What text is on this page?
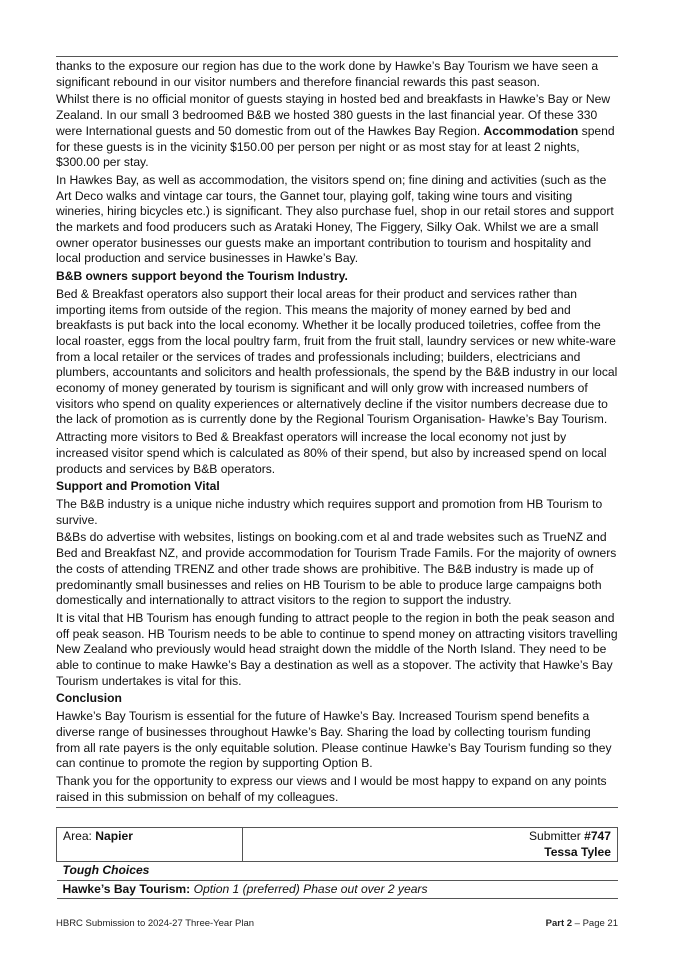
thanks to the exposure our region has due to the work done by Hawke’s Bay Tourism we have seen a significant rebound in our visitor numbers and therefore financial rewards this past season.

Whilst there is no official monitor of guests staying in hosted bed and breakfasts in Hawke’s Bay or New Zealand. In our small 3 bedroomed B&B we hosted 380 guests in the last financial year. Of these 330 were International guests and 50 domestic from out of the Hawkes Bay Region. Accommodation spend for these guests is in the vicinity $150.00 per person per night or as most stay for at least 2 nights, $300.00 per stay.

In Hawkes Bay, as well as accommodation, the visitors spend on; fine dining and activities (such as the Art Deco walks and vintage car tours, the Gannet tour, playing golf, taking wine tours and visiting wineries, hiring bicycles etc.) is significant. They also purchase fuel, shop in our retail stores and support the markets and food producers such as Arataki Honey, The Figgery, Silky Oak. Whilst we are a small owner operator businesses our guests make an important contribution to tourism and hospitality and local production and service businesses in Hawke’s Bay.

B&B owners support beyond the Tourism Industry.

Bed & Breakfast operators also support their local areas for their product and services rather than importing items from outside of the region. This means the majority of money earned by bed and breakfasts is put back into the local economy. Whether it be locally produced toiletries, coffee from the local roaster, eggs from the local poultry farm, fruit from the fruit stall, laundry services or new white-ware from a local retailer or the services of trades and professionals including; builders, electricians and plumbers, accountants and solicitors and health professionals, the spend by the B&B industry in our local economy of money generated by tourism is significant and will only grow with increased numbers of visitors who spend on quality experiences or alternatively decline if the visitor numbers decrease due to the lack of promotion as is currently done by the Regional Tourism Organisation- Hawke’s Bay Tourism.

Attracting more visitors to Bed & Breakfast operators will increase the local economy not just by increased visitor spend which is calculated as 80% of their spend, but also by increased spend on local products and services by B&B operators.

Support and Promotion Vital

The B&B industry is a unique niche industry which requires support and promotion from HB Tourism to survive.

B&Bs do advertise with websites, listings on booking.com et al and trade websites such as TrueNZ and Bed and Breakfast NZ, and provide accommodation for Tourism Trade Famils. For the majority of owners the costs of attending TRENZ and other trade shows are prohibitive. The B&B industry is made up of predominantly small businesses and relies on HB Tourism to be able to produce large campaigns both domestically and internationally to attract visitors to the region to support the industry.

It is vital that HB Tourism has enough funding to attract people to the region in both the peak season and off peak season. HB Tourism needs to be able to continue to spend money on attracting visitors travelling New Zealand who previously would head straight down the middle of the North Island. They need to be able to continue to make Hawke’s Bay a destination as well as a stopover. The activity that Hawke’s Bay Tourism undertakes is vital for this.

Conclusion

Hawke’s Bay Tourism is essential for the future of Hawke’s Bay. Increased Tourism spend benefits a diverse range of businesses throughout Hawke’s Bay. Sharing the load by collecting tourism funding from all rate payers is the only equitable solution. Please continue Hawke’s Bay Tourism funding so they can continue to promote the region by supporting Option B.

Thank you for the opportunity to express our views and I would be most happy to expand on any points raised in this submission on behalf of my colleagues.

Area: Napier	Submitter #747
Tessa Tylee

Tough Choices
Hawke’s Bay Tourism: Option 1 (preferred) Phase out over 2 years
HBRC Submission to 2024-27 Three-Year Plan	Part 2 – Page 21
